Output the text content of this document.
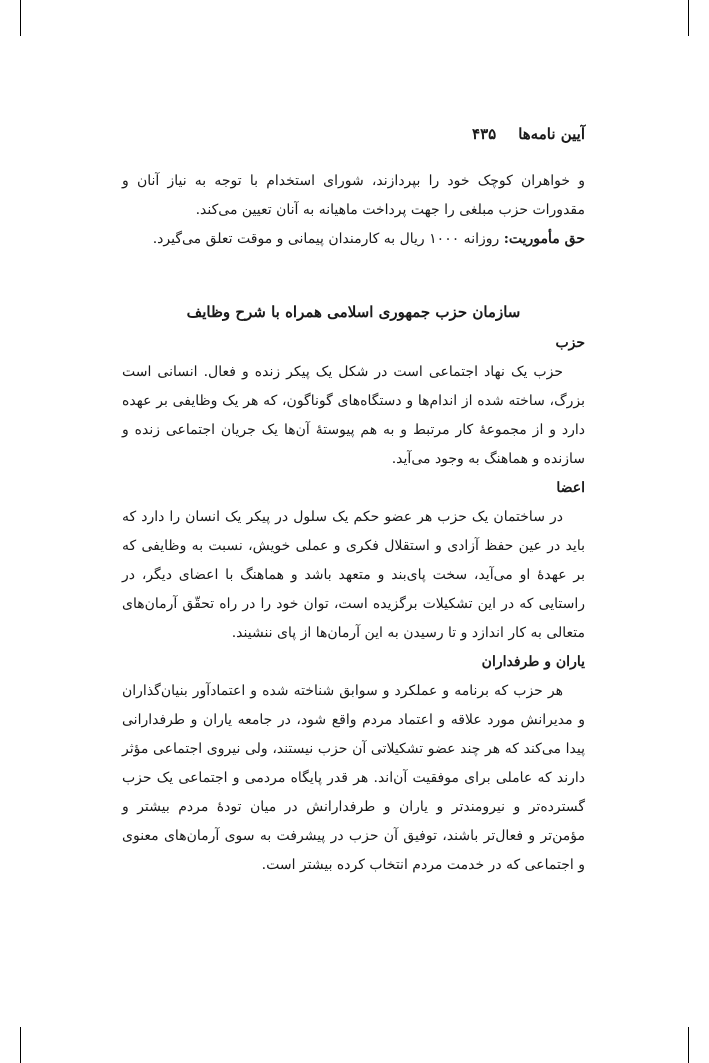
آیین نامه‌ها
۴۳۵

و خواهران کوچک خود را بپردازند، شورای استخدام با توجه به نیاز آنان و مقدورات حزب مبلغی را جهت پرداخت ماهیانه به آنان تعیین می‌کند.

حق مأموریت: روزانه ۱۰۰۰ ریال به کارمندان پیمانی و موقت تعلق می‌گیرد.

سازمان حزب جمهوری اسلامی همراه با شرح وظایف

حزب

حزب یک نهاد اجتماعی است در شکل یک پیکر زنده و فعال. انسانی است بزرگ، ساخته شده از اندام‌ها و دستگاه‌های گوناگون، که هر یک وظایفی بر عهده دارد و از مجموعهٔ کار مرتبط و به هم پیوستهٔ آن‌ها یک جریان اجتماعی زنده و سازنده و هماهنگ به وجود می‌آید.

اعضا

در ساختمان یک حزب هر عضو حکم یک سلول در پیکر یک انسان را دارد که باید در عین حفظ آزادی و استقلال فکری و عملی خویش، نسبت به وظایفی که بر عهدهٔ او می‌آید، سخت پای‌بند و متعهد باشد و هماهنگ با اعضای دیگر، در راستایی که در این تشکیلات برگزیده است، توان خود را در راه تحقّق آرمان‌های متعالی به کار اندازد و تا رسیدن به این آرمان‌ها از پای ننشیند.

یاران و طرفداران

هر حزب که برنامه و عملکرد و سوابق شناخته شده و اعتمادآور بنیان‌گذاران و مدیرانش مورد علاقه و اعتماد مردم واقع شود، در جامعه یاران و طرفدارانی پیدا می‌کند که هر چند عضو تشکیلاتی آن حزب نیستند، ولی نیروی اجتماعی مؤثر دارند که عاملی برای موفقیت آن‌اند. هر قدر پایگاه مردمی و اجتماعی یک حزب گسترده‌تر و نیرومندتر و یاران و طرفدارانش در میان تودهٔ مردم بیشتر و مؤمن‌تر و فعال‌تر باشند، توفیق آن حزب در پیشرفت به سوی آرمان‌های معنوی و اجتماعی که در خدمت مردم انتخاب کرده بیشتر است.
